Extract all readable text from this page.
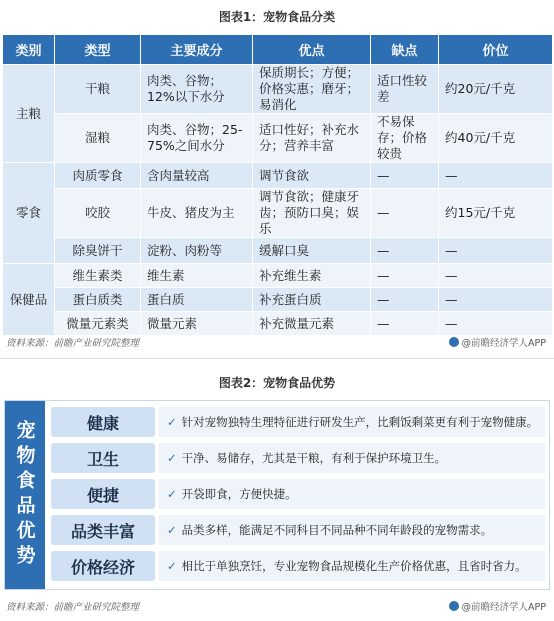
图表1：宠物食品分类
类别	类型	主要成分	优点	缺点	价位
主粮	干粮	肉类、谷物；12%以下水分	保质期长；方便；价格实惠；磨牙；易消化	适口性较差	约20元/千克
	湿粮	肉类、谷物；25-75%之间水分	适口性好；补充水分；营养丰富	不易保存；价格较贵	约40元/千克
零食	肉质零食	含肉量较高	调节食欲	—	—
	咬胶	牛皮、猪皮为主	调节食欲；健康牙齿；预防口臭；娱乐	—	约15元/千克
	除臭饼干	淀粉、肉粉等	缓解口臭	—	—
保健品	维生素类	维生素	补充维生素	—	—
	蛋白质类	蛋白质	补充蛋白质	—	—
	微量元素类	微量元素	补充微量元素	—	—
资料来源：前瞻产业研究院整理	@前瞻经济学人APP
图表2：宠物食品优势
宠物食品优势	健康	✓ 针对宠物独特生理特征进行研发生产，比剩饭剩菜更有利于宠物健康。
卫生	✓ 干净、易储存，尤其是干粮，有利于保护环境卫生。
便捷	✓ 开袋即食，方便快捷。
品类丰富	✓ 品类多样，能满足不同科目不同品种不同年龄段的宠物需求。
价格经济	✓ 相比于单独烹饪，专业宠物食品规模化生产价格优惠，且省时省力。
资料来源：前瞻产业研究院整理	@前瞻经济学人APP
